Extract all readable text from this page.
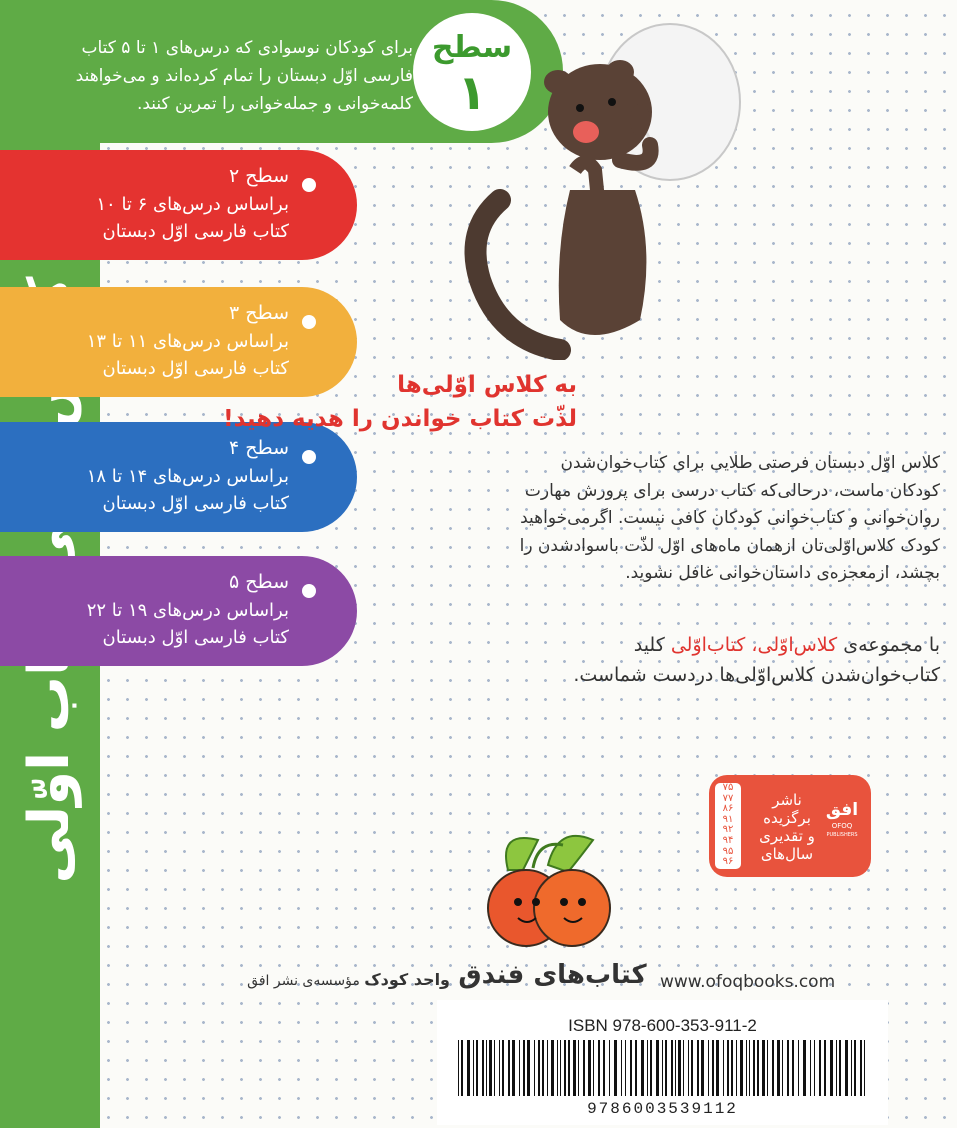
برای کودکان نوسوادی که درس‌های ۱ تا ۵ کتاب
فارسی اوّل دبستان را تمام کرده‌اند و می‌خواهند
کلمه‌خوانی و جمله‌خوانی را تمرین کنند.
سطح
۱
سطح ۲
براساس درس‌های ۶ تا ۱۰
کتاب فارسی اوّل دبستان
سطح ۳
براساس درس‌های ۱۱ تا ۱۳
کتاب فارسی اوّل دبستان
سطح ۴
براساس درس‌های ۱۴ تا ۱۸
کتاب فارسی اوّل دبستان
سطح ۵
براساس درس‌های ۱۹ تا ۲۲
کتاب فارسی اوّل دبستان
به کلاس اوّلی‌ها
لذّت کتاب خواندن را هدیه دهید!
کلاس اوّل دبستان فرصتی طلایی برای کتاب‌خوان‌شدن
کودکان ماست، درحالی‌که کتاب درسی برای پرورش مهارت
روان‌خوانی و کتاب‌خوانی کودکان کافی نیست. اگرمی‌خواهید
کودک کلاس‌اوّلی‌تان ازهمان ماه‌های اوّل لذّت باسوادشدن را
بچشد، ازمعجزه‌ی داستان‌خوانی غافل نشوید.
با مجموعه‌ی کلاس‌اوّلی، کتاب‌اوّلی کلید
کتاب‌خوان‌شدن کلاس‌اوّلی‌ها دردست شماست.
۷۵
۷۷
۸۶
۹۱
۹۲
۹۴
۹۵
۹۶
ناشر
برگزیده
و تقدیری
سال‌های
افق
OFOQ
PUBLISHERS
کتاب‌های فندق
واحد کودک مؤسسه‌ی نشر افق	www.ofoqbooks.com
ISBN 978-600-353-911-2
9786003539112
